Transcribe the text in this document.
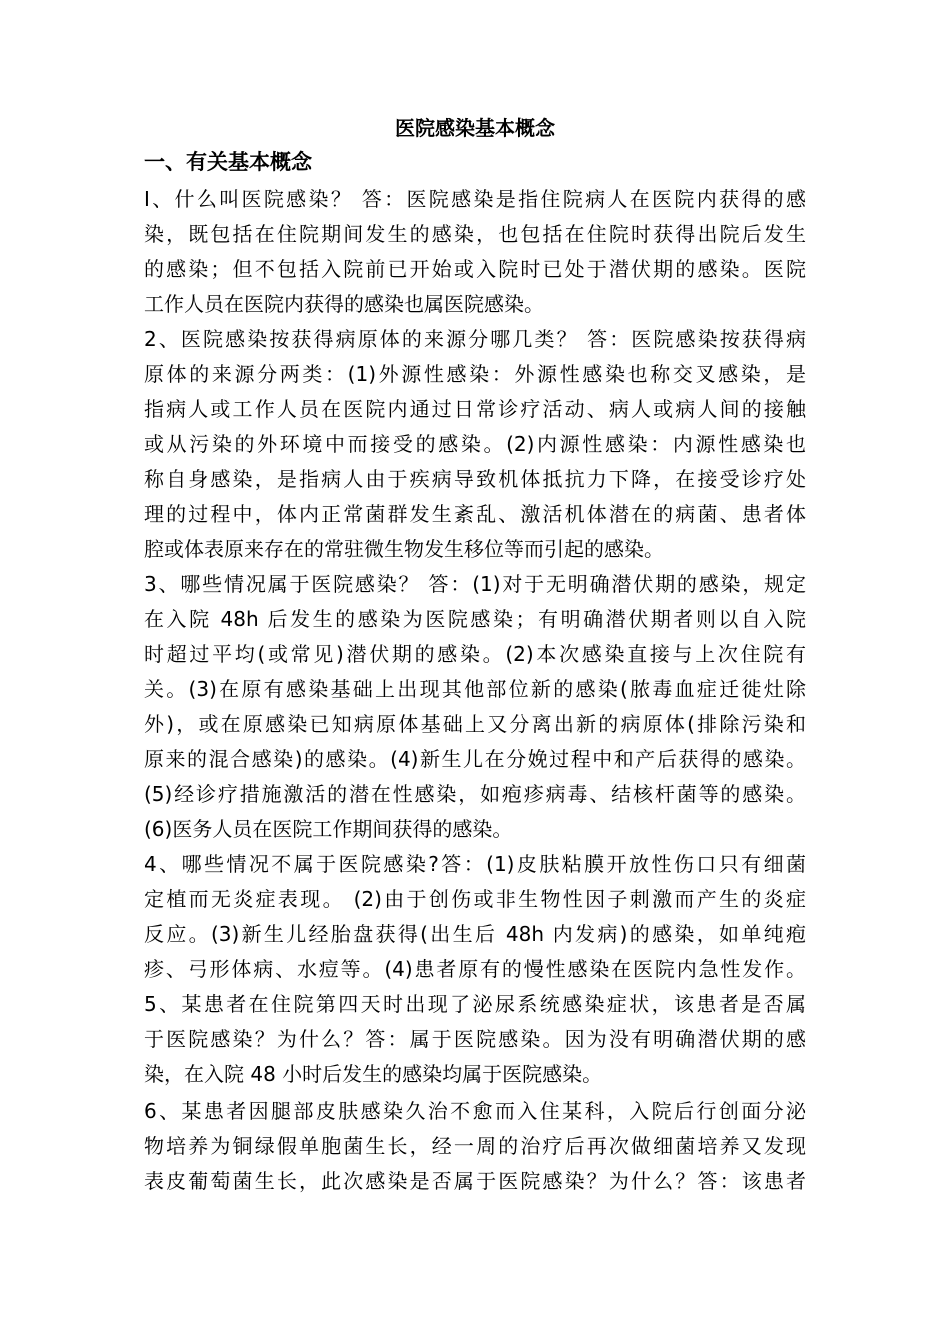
医院感染基本概念
一、有关基本概念
Ⅰ、什么叫医院感染？ 答：医院感染是指住院病人在医院内获得的感
染，既包括在住院期间发生的感染，也包括在住院时获得出院后发生
的感染；但不包括入院前已开始或入院时已处于潜伏期的感染。医院
工作人员在医院内获得的感染也属医院感染。
2、医院感染按获得病原体的来源分哪几类？ 答：医院感染按获得病
原体的来源分两类：(1)外源性感染：外源性感染也称交叉感染，是
指病人或工作人员在医院内通过日常诊疗活动、病人或病人间的接触
或从污染的外环境中而接受的感染。(2)内源性感染：内源性感染也
称自身感染，是指病人由于疾病导致机体抵抗力下降，在接受诊疗处
理的过程中，体内正常菌群发生紊乱、激活机体潜在的病菌、患者体
腔或体表原来存在的常驻微生物发生移位等而引起的感染。
3、哪些情况属于医院感染？ 答：(1)对于无明确潜伏期的感染，规定
在入院 48h 后发生的感染为医院感染；有明确潜伏期者则以自入院
时超过平均(或常见)潜伏期的感染。(2)本次感染直接与上次住院有
关。(3)在原有感染基础上出现其他部位新的感染(脓毒血症迁徙灶除
外)，或在原感染已知病原体基础上又分离出新的病原体(排除污染和
原来的混合感染)的感染。(4)新生儿在分娩过程中和产后获得的感染。
(5)经诊疗措施激活的潜在性感染，如疱疹病毒、结核杆菌等的感染。
(6)医务人员在医院工作期间获得的感染。
4、哪些情况不属于医院感染?答：(1)皮肤粘膜开放性伤口只有细菌
定植而无炎症表现。 (2)由于创伤或非生物性因子刺激而产生的炎症
反应。(3)新生儿经胎盘获得(出生后 48h 内发病)的感染，如单纯疱
疹、弓形体病、水痘等。(4)患者原有的慢性感染在医院内急性发作。
5、某患者在住院第四天时出现了泌尿系统感染症状，该患者是否属
于医院感染？为什么？答：属于医院感染。因为没有明确潜伏期的感
染，在入院 48 小时后发生的感染均属于医院感染。
6、某患者因腿部皮肤感染久治不愈而入住某科，入院后行创面分泌
物培养为铜绿假单胞菌生长，经一周的治疗后再次做细菌培养又发现
表皮葡萄菌生长，此次感染是否属于医院感染？为什么？答：该患者
